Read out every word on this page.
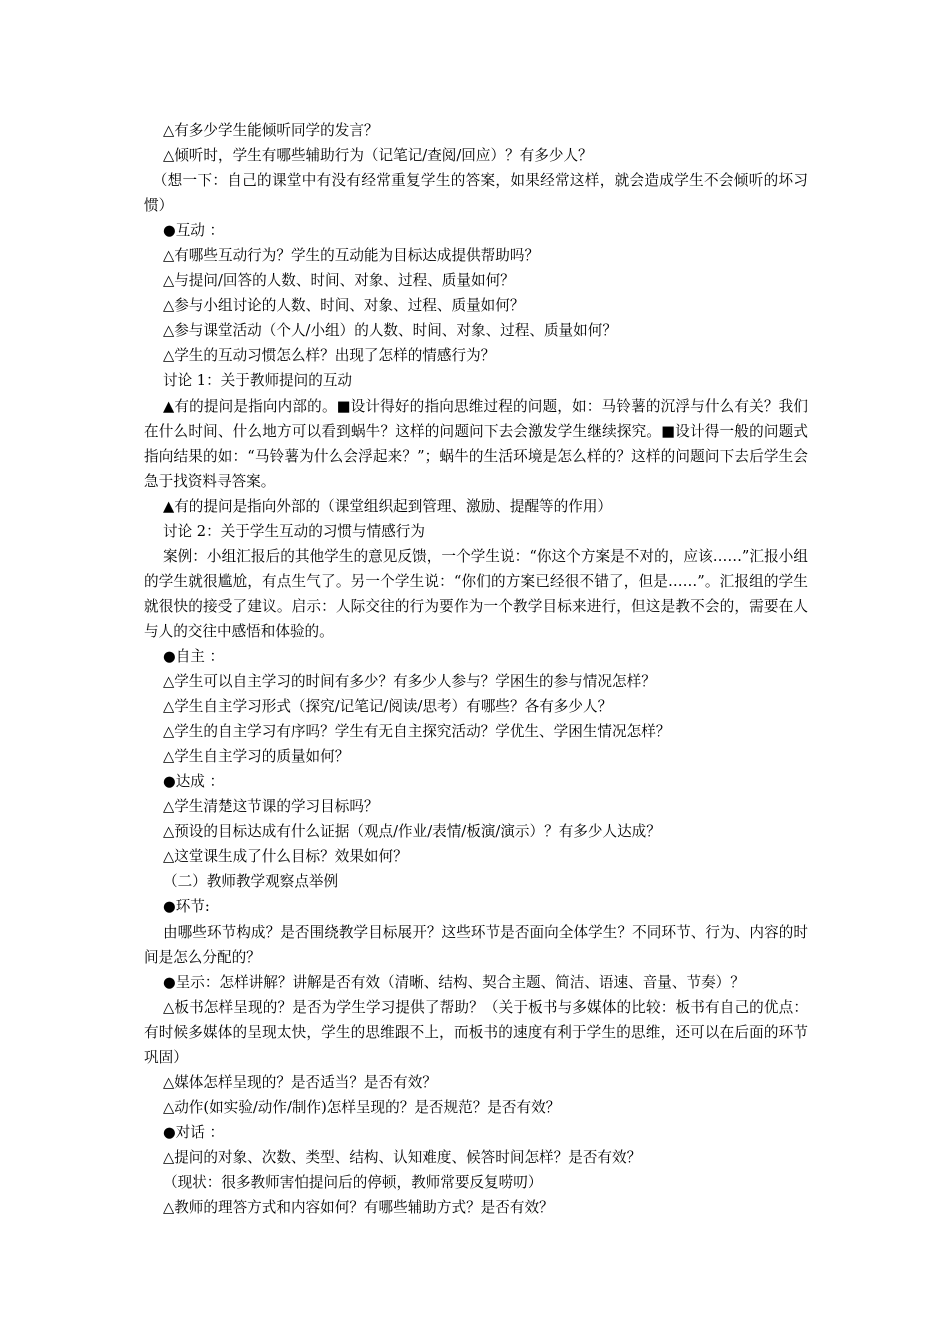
△有多少学生能倾听同学的发言？

△倾听时，学生有哪些辅助行为（记笔记/查阅/回应）？有多少人？

（想一下：自己的课堂中有没有经常重复学生的答案，如果经常这样，就会造成学生不会倾听的坏习惯）

●互动 ：

△有哪些互动行为？学生的互动能为目标达成提供帮助吗？

△与提问/回答的人数、时间、对象、过程、质量如何？

△参与小组讨论的人数、时间、对象、过程、质量如何？

△参与课堂活动（个人/小组）的人数、时间、对象、过程、质量如何？

△学生的互动习惯怎么样？出现了怎样的情感行为？

讨论 1：关于教师提问的互动

▲有的提问是指向内部的。■设计得好的指向思维过程的问题，如：马铃薯的沉浮与什么有关？我们在什么时间、什么地方可以看到蜗牛？这样的问题问下去会激发学生继续探究。■设计得一般的问题式指向结果的如：“马铃薯为什么会浮起来？”；蜗牛的生活环境是怎么样的？这样的问题问下去后学生会急于找资料寻答案。

▲有的提问是指向外部的（课堂组织起到管理、激励、提醒等的作用）

讨论 2：关于学生互动的习惯与情感行为

案例：小组汇报后的其他学生的意见反馈，一个学生说：“你这个方案是不对的，应该……”汇报小组的学生就很尴尬，有点生气了。另一个学生说：“你们的方案已经很不错了，但是……”。汇报组的学生就很快的接受了建议。启示：人际交往的行为要作为一个教学目标来进行，但这是教不会的，需要在人与人的交往中感悟和体验的。

●自主 ：

△学生可以自主学习的时间有多少？有多少人参与？学困生的参与情况怎样？

△学生自主学习形式（探究/记笔记/阅读/思考）有哪些？各有多少人？

△学生的自主学习有序吗？学生有无自主探究活动？学优生、学困生情况怎样？

△学生自主学习的质量如何？

●达成 ：

△学生清楚这节课的学习目标吗？

△预设的目标达成有什么证据（观点/作业/表情/板演/演示）？有多少人达成？

△这堂课生成了什么目标？效果如何？

（二）教师教学观察点举例

●环节:

由哪些环节构成？是否围绕教学目标展开？这些环节是否面向全体学生？不同环节、行为、内容的时间是怎么分配的？

●呈示：怎样讲解？讲解是否有效（清晰、结构、契合主题、简洁、语速、音量、节奏）？

△板书怎样呈现的？是否为学生学习提供了帮助？（关于板书与多媒体的比较：板书有自己的优点：有时候多媒体的呈现太快，学生的思维跟不上，而板书的速度有利于学生的思维，还可以在后面的环节巩固）

△媒体怎样呈现的？是否适当？是否有效？

△动作(如实验/动作/制作)怎样呈现的？是否规范？是否有效？

●对话 ：

△提问的对象、次数、类型、结构、认知难度、候答时间怎样？是否有效？

（现状：很多教师害怕提问后的停顿，教师常要反复唠叨）

△教师的理答方式和内容如何？有哪些辅助方式？是否有效？
